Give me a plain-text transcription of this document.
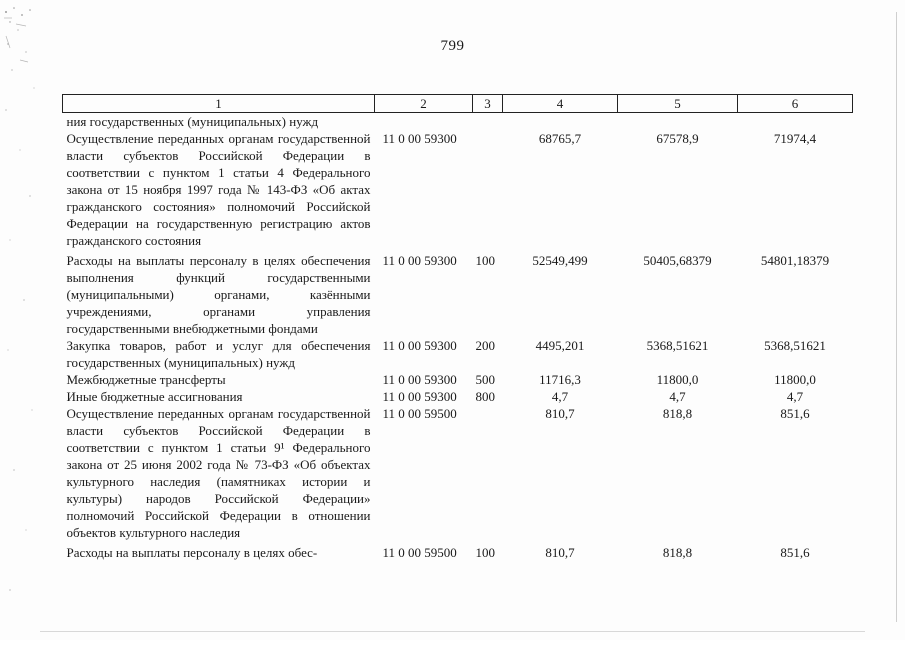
799
1	2	3	4	5	6
ния государственных (муниципальных) нужд					
Осуществление переданных органам государственной власти субъектов Российской Федерации в соответствии с пунктом 1 статьи 4 Федерального закона от 15 ноября 1997 года № 143-ФЗ «Об актах гражданского состояния» полномочий Российской Федерации на государственную регистрацию актов гражданского состояния	11 0 00 59300		68765,7	67578,9	71974,4
Расходы на выплаты персоналу в целях обеспечения выполнения функций государственными (муниципальными) органами, казёнными учреждениями, органами управления государственными внебюджетными фондами	11 0 00 59300	100	52549,499	50405,68379	54801,18379
Закупка товаров, работ и услуг для обеспечения государственных (муниципальных) нужд	11 0 00 59300	200	4495,201	5368,51621	5368,51621
Межбюджетные трансферты	11 0 00 59300	500	11716,3	11800,0	11800,0
Иные бюджетные ассигнования	11 0 00 59300	800	4,7	4,7	4,7
Осуществление переданных органам государственной власти субъектов Российской Федерации в соответствии с пунктом 1 статьи 9¹ Федерального закона от 25 июня 2002 года № 73-ФЗ «Об объектах культурного наследия (памятниках истории и культуры) народов Российской Федерации» полномочий Российской Федерации в отношении объектов культурного наследия	11 0 00 59500		810,7	818,8	851,6
Расходы на выплаты персоналу в целях обес-	11 0 00 59500	100	810,7	818,8	851,6
